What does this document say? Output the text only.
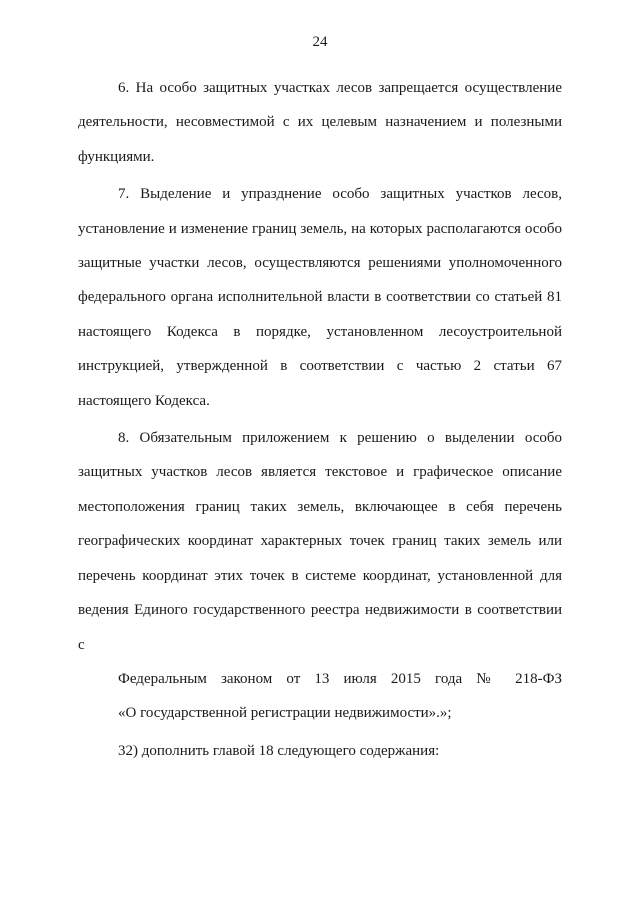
24

6. На особо защитных участках лесов запрещается осуществление деятельности, несовместимой с их целевым назначением и полезными функциями.

7. Выделение и упразднение особо защитных участков лесов, установление и изменение границ земель, на которых располагаются особо защитные участки лесов, осуществляются решениями уполномоченного федерального органа исполнительной власти в соответствии со статьей 81 настоящего Кодекса в порядке, установленном лесоустроительной инструкцией, утвержденной в соответствии с частью 2 статьи 67 настоящего Кодекса.

8. Обязательным приложением к решению о выделении особо защитных участков лесов является текстовое и графическое описание местоположения границ таких земель, включающее в себя перечень географических координат характерных точек границ таких земель или перечень координат этих точек в системе координат, установленной для ведения Единого государственного реестра недвижимости в соответствии с
Федеральным законом от 13 июля 2015 года № 218-ФЗ
«О государственной регистрации недвижимости».»;

32) дополнить главой 18 следующего содержания:
